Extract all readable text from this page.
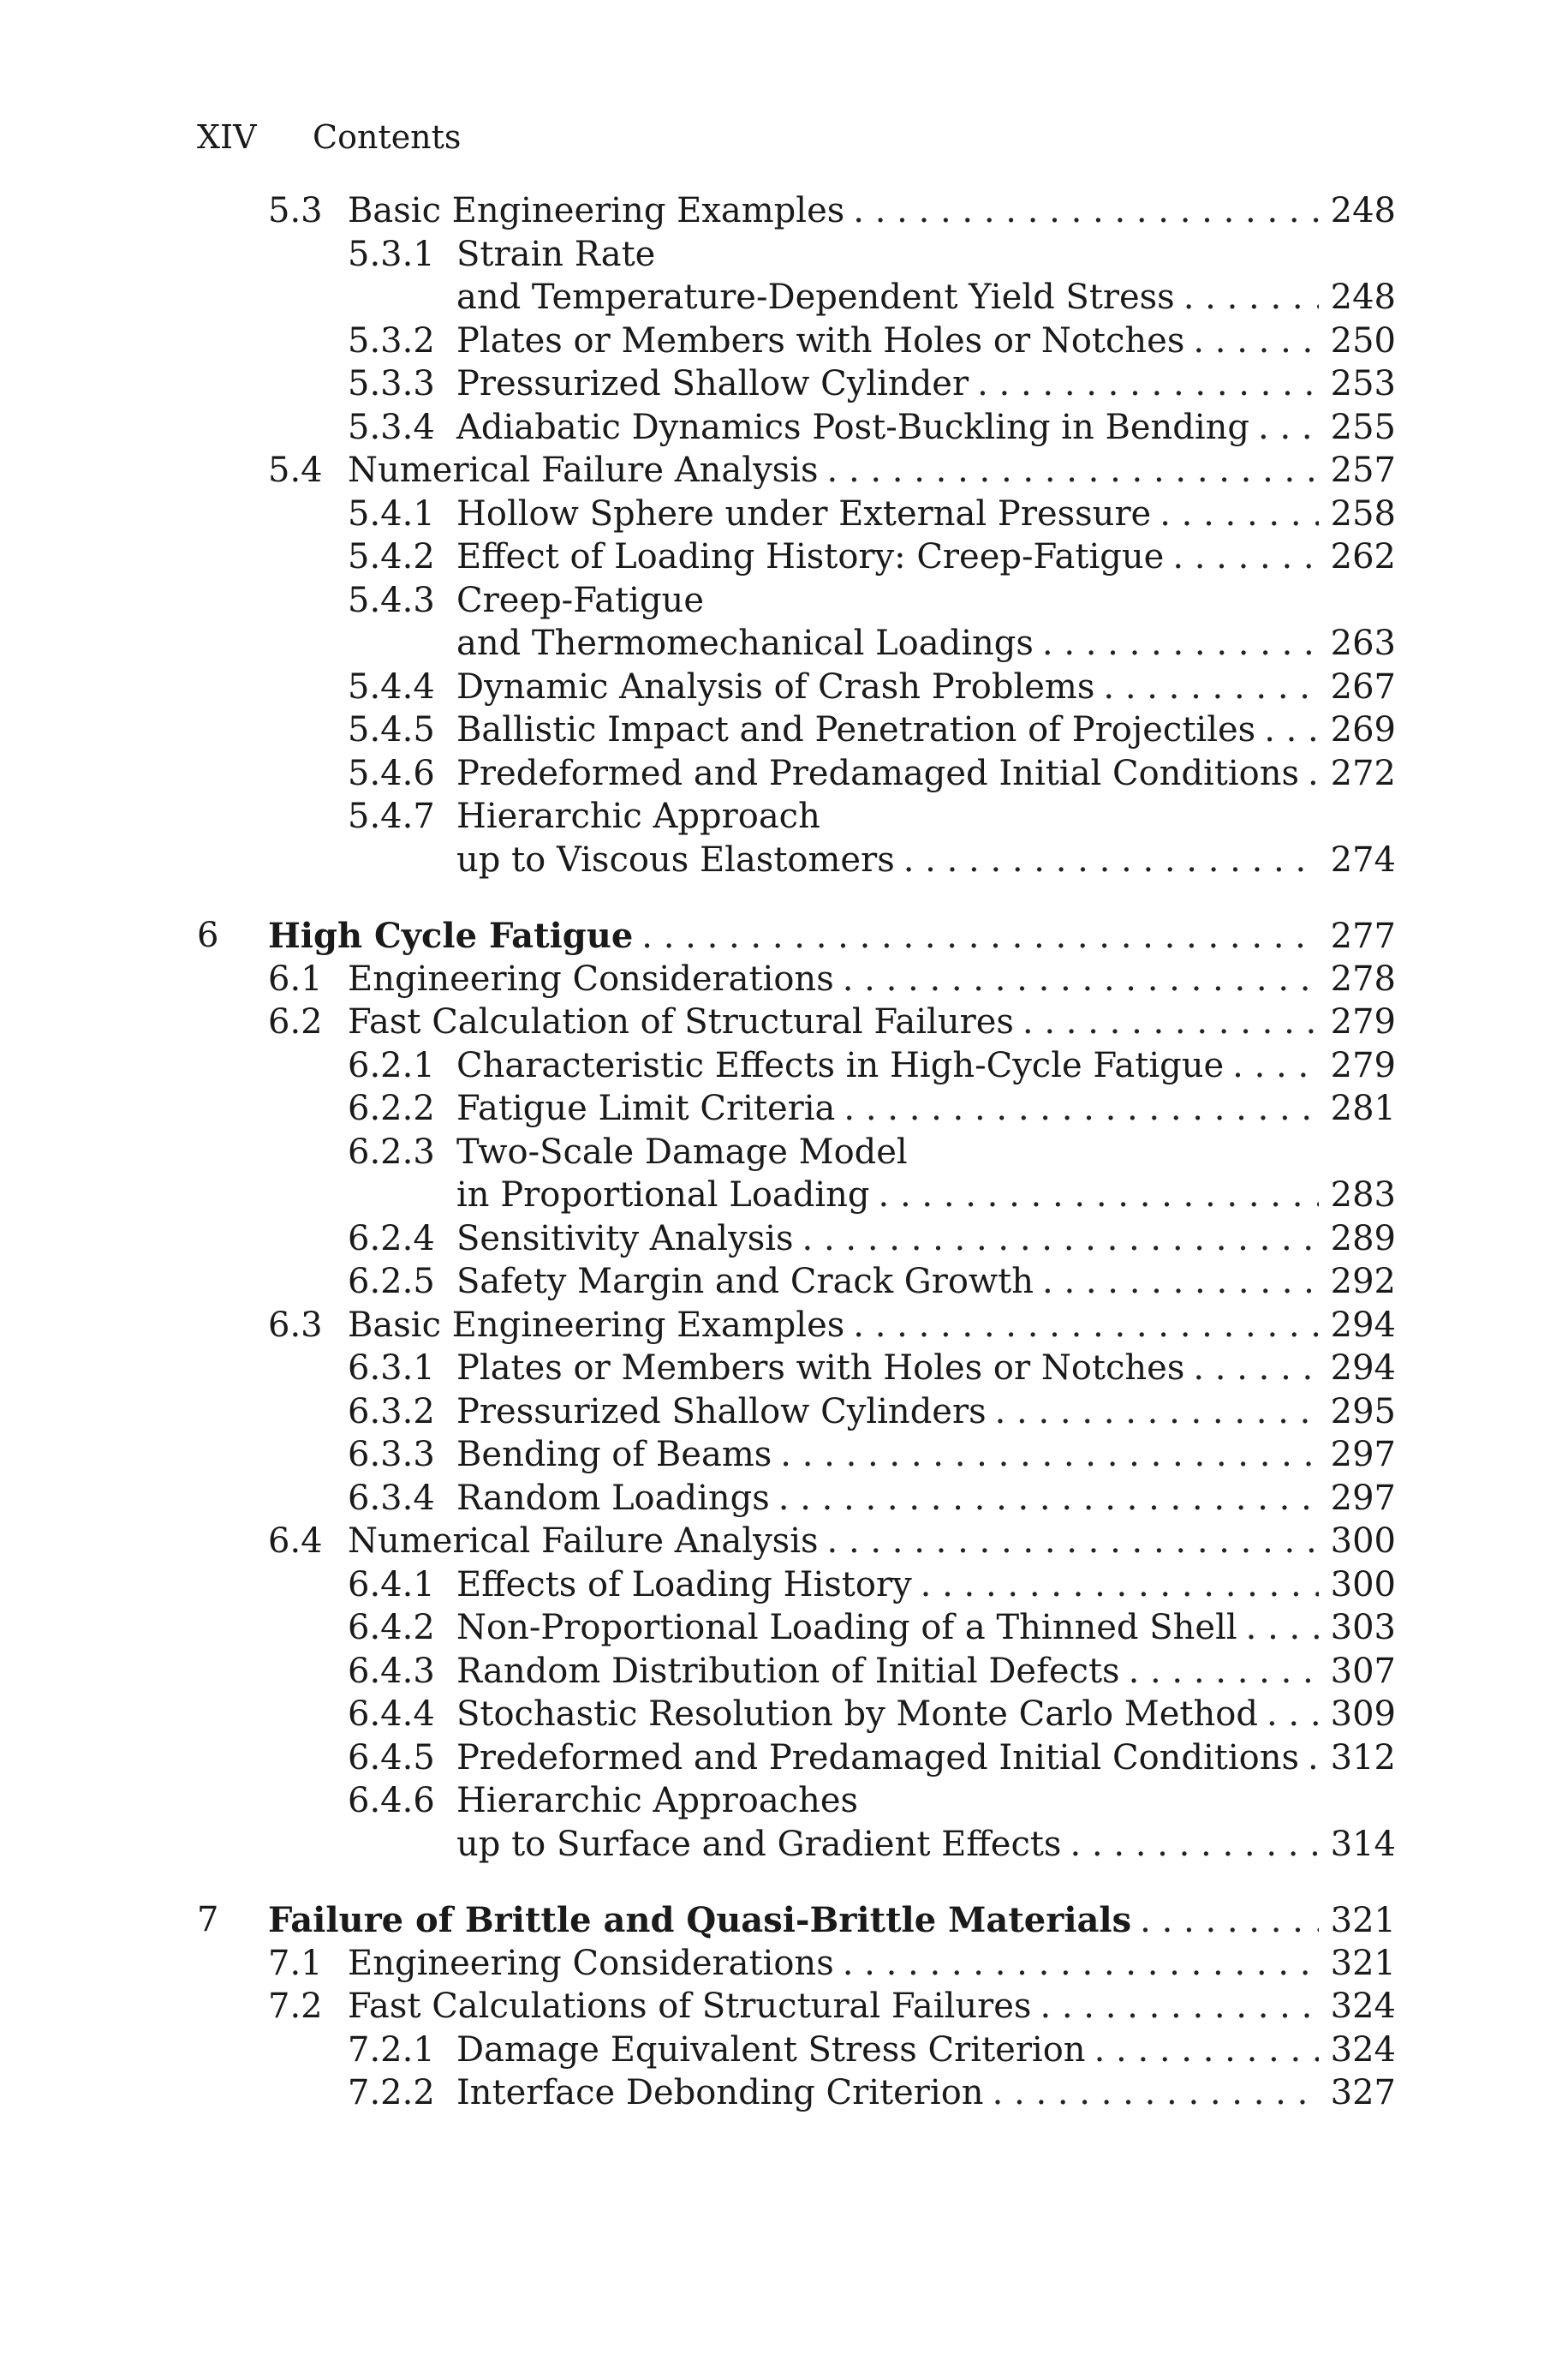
XIV Contents
5.3 Basic Engineering Examples . . .	248
5.3.1 Strain Rate
and Temperature-Dependent Yield Stress . . .	248
5.3.2 Plates or Members with Holes or Notches . . .	250
5.3.3 Pressurized Shallow Cylinder . . .	253
5.3.4 Adiabatic Dynamics Post-Buckling in Bending . . .	255
5.4 Numerical Failure Analysis . . .	257
5.4.1 Hollow Sphere under External Pressure . . .	258
5.4.2 Effect of Loading History: Creep-Fatigue . . .	262
5.4.3 Creep-Fatigue
and Thermomechanical Loadings . . .	263
5.4.4 Dynamic Analysis of Crash Problems . . .	267
5.4.5 Ballistic Impact and Penetration of Projectiles . . .	269
5.4.6 Predeformed and Predamaged Initial Conditions . . . 272
5.4.7 Hierarchic Approach
up to Viscous Elastomers . . .	274
6 High Cycle Fatigue . . .	277
6.1 Engineering Considerations . . .	278
6.2 Fast Calculation of Structural Failures . . .	279
6.2.1 Characteristic Effects in High-Cycle Fatigue . . .	279
6.2.2 Fatigue Limit Criteria . . .	281
6.2.3 Two-Scale Damage Model
in Proportional Loading . . .	283
6.2.4 Sensitivity Analysis . . .	289
6.2.5 Safety Margin and Crack Growth . . .	292
6.3 Basic Engineering Examples . . .	294
6.3.1 Plates or Members with Holes or Notches . . .	294
6.3.2 Pressurized Shallow Cylinders . . .	295
6.3.3 Bending of Beams . . .	297
6.3.4 Random Loadings . . .	297
6.4 Numerical Failure Analysis . . .	300
6.4.1 Effects of Loading History . . .	300
6.4.2 Non-Proportional Loading of a Thinned Shell . . .	303
6.4.3 Random Distribution of Initial Defects . . .	307
6.4.4 Stochastic Resolution by Monte Carlo Method . . .	309
6.4.5 Predeformed and Predamaged Initial Conditions . . . 312
6.4.6 Hierarchic Approaches
up to Surface and Gradient Effects . . .	314
7 Failure of Brittle and Quasi-Brittle Materials . . .	321
7.1 Engineering Considerations . . .	321
7.2 Fast Calculations of Structural Failures . . .	324
7.2.1 Damage Equivalent Stress Criterion . . .	324
7.2.2 Interface Debonding Criterion . . .	327
